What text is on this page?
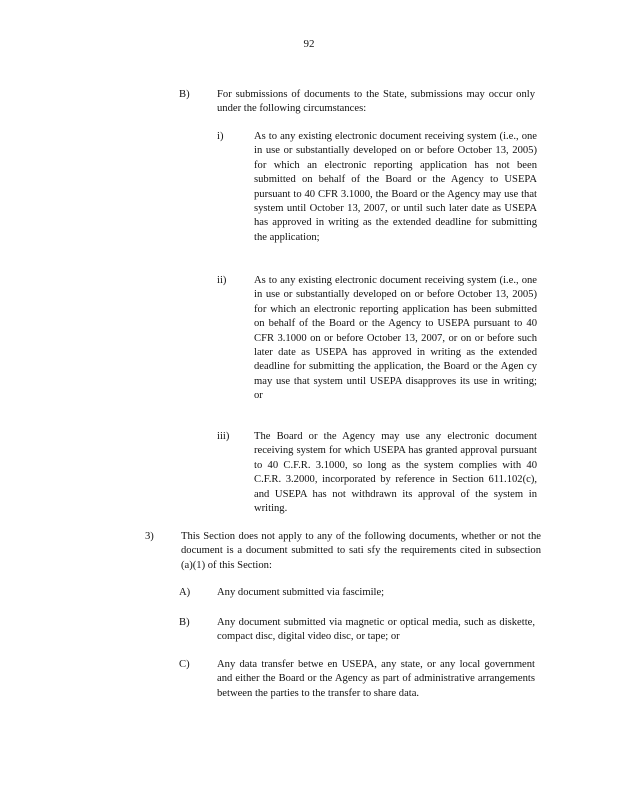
92
B)	For submissions of documents to the State, submissions may occur only under the following circumstances:
i)	As to any existing electronic document receiving system (i.e., one in use or substantially developed on or before October 13, 2005) for which an electronic reporting application has not been submitted on behalf of the Board or the Agency to USEPA pursuant to 40 CFR 3.1000, the Board or the Agency may use that system until October 13, 2007, or until such later date as USEPA has approved in writing as the extended deadline for submitting the application;
ii)	As to any existing electronic document receiving system (i.e., one in use or substantially developed on or before October 13, 2005) for which an electronic reporting application has been submitted on behalf of the Board or the Agency to USEPA pursuant to 40 CFR 3.1000 on or before October 13, 2007, or on or before such later date as USEPA has approved in writing as the extended deadline for submitting the application, the Board or the Agen cy may use that system until USEPA disapproves its use in writing; or
iii) The Board or the Agency may use any electronic document receiving system for which USEPA has granted approval pursuant to 40 C.F.R. 3.1000, so long as the system complies with 40 C.F.R. 3.2000, incorporated by reference in Section 611.102(c), and USEPA has not withdrawn its approval of the system in writing.
3)	This Section does not apply to any of the following documents, whether or not the document is a document submitted to sati sfy the requirements cited in subsection (a)(1) of this Section:
A)	Any document submitted via fascimile;
B)	Any document submitted via magnetic or optical media, such as diskette, compact disc, digital video disc, or tape; or
C)	Any data transfer betwe en USEPA, any state, or any local government and either the Board or the Agency as part of administrative arrangements between the parties to the transfer to share data.
